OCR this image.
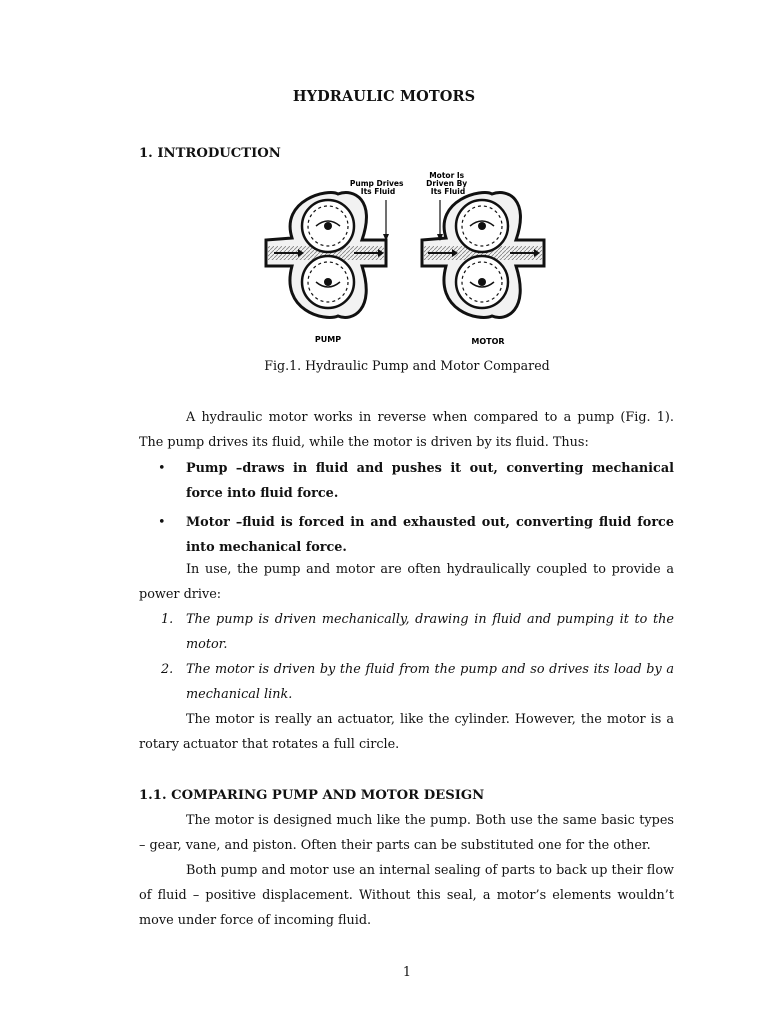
HYDRAULIC MOTORS
1. INTRODUCTION
Pump Drives Its Fluid
Motor Is Driven By Its Fluid
PUMP	MOTOR
Fig.1. Hydraulic Pump and Motor Compared
A hydraulic motor works in reverse when compared to a pump (Fig. 1). The pump drives its fluid, while the motor is driven by its fluid. Thus:
• Pump –draws in fluid and pushes it out, converting mechanical force into fluid force.
• Motor –fluid is forced in and exhausted out, converting fluid force into mechanical force.
In use, the pump and motor are often hydraulically coupled to provide a power drive:
1. The pump is driven mechanically, drawing in fluid and pumping it to the motor.
2. The motor is driven by the fluid from the pump and so drives its load by a mechanical link.
The motor is really an actuator, like the cylinder. However, the motor is a rotary actuator that rotates a full circle.
1.1. COMPARING PUMP AND MOTOR DESIGN
The motor is designed much like the pump. Both use the same basic types – gear, vane, and piston. Often their parts can be substituted one for the other.
Both pump and motor use an internal sealing of parts to back up their flow of fluid – positive displacement. Without this seal, a motor’s elements wouldn’t move under force of incoming fluid.
1
